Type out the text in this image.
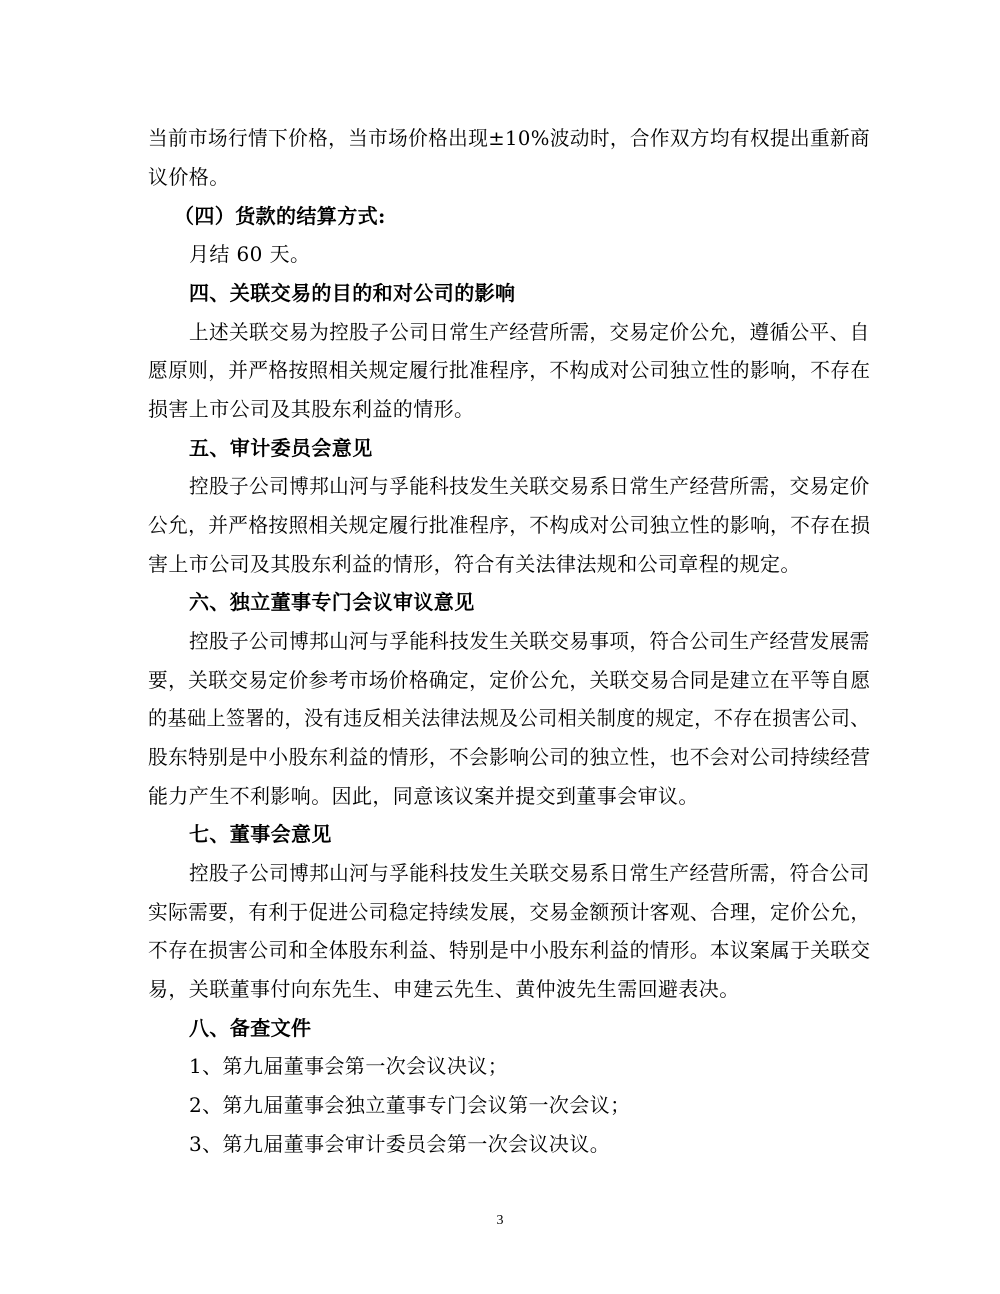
当前市场行情下价格，当市场价格出现±10%波动时，合作双方均有权提出重新商
议价格。
（四）货款的结算方式:
月结 60 天。
四、关联交易的目的和对公司的影响
上述关联交易为控股子公司日常生产经营所需，交易定价公允，遵循公平、自
愿原则，并严格按照相关规定履行批准程序，不构成对公司独立性的影响，不存在
损害上市公司及其股东利益的情形。
五、审计委员会意见
控股子公司博邦山河与孚能科技发生关联交易系日常生产经营所需，交易定价
公允，并严格按照相关规定履行批准程序，不构成对公司独立性的影响，不存在损
害上市公司及其股东利益的情形，符合有关法律法规和公司章程的规定。
六、独立董事专门会议审议意见
控股子公司博邦山河与孚能科技发生关联交易事项，符合公司生产经营发展需
要，关联交易定价参考市场价格确定，定价公允，关联交易合同是建立在平等自愿
的基础上签署的，没有违反相关法律法规及公司相关制度的规定，不存在损害公司、
股东特别是中小股东利益的情形，不会影响公司的独立性，也不会对公司持续经营
能力产生不利影响。因此，同意该议案并提交到董事会审议。
七、董事会意见
控股子公司博邦山河与孚能科技发生关联交易系日常生产经营所需，符合公司
实际需要，有利于促进公司稳定持续发展，交易金额预计客观、合理，定价公允，
不存在损害公司和全体股东利益、特别是中小股东利益的情形。本议案属于关联交
易，关联董事付向东先生、申建云先生、黄仲波先生需回避表决。
八、备查文件
1、第九届董事会第一次会议决议；
2、第九届董事会独立董事专门会议第一次会议；
3、第九届董事会审计委员会第一次会议决议。
3
